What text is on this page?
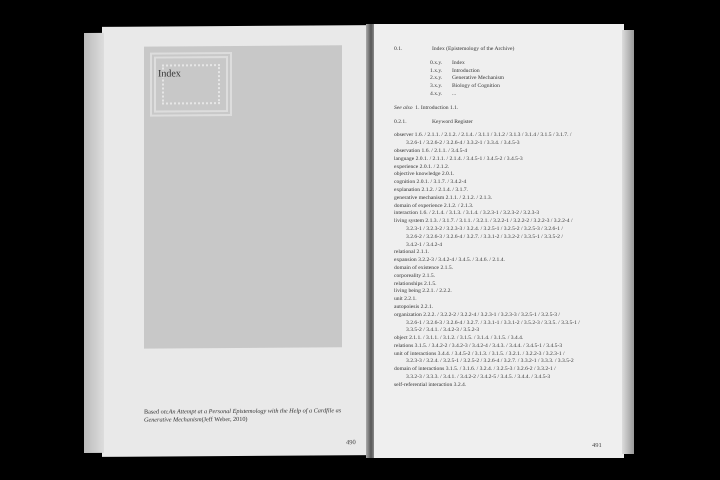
Index
Based on:An Attempt at a Personal Epistemology with the Help of a Cardfile as Generative Mechanism(Jeff Weber, 2010)
490
0.1.	Index (Epistemology of the Archive)
0.x.y. Index
1.x.y. Introduction
2.x.y. Generative Mechanism
3.x.y. Biology of Cognition
4.x.y. ...
See also 1. Introduction 1.1.
0.2.1.	Keyword Register
observer 1.6. / 2.1.1. / 2.1.2. / 2.1.4. / 3.1.1 / 3.1.2 / 3.1.3 / 3.1.4 / 3.1.5 / 3.1.7. /
3.2.6-1 / 3.2.6-2 / 3.2.6-4 / 3.3.2-1 / 3.3.4. / 3.4.5-3
observation 1.6. / 2.1.1. / 3.4.5-4
language 2.0.1. / 2.1.1. / 2.1.4. / 3.4.5-1 / 3.4.5-2 / 3.4.5-3
experience 2.0.1. / 2.1.2.
objective knowledge 2.0.1.
cognition 2.0.1. / 3.1.7. / 3.4.2-4
explanation 2.1.2. / 2.1.4. / 3.1.7.
generative mechanism 2.1.1. / 2.1.2. / 2.1.3.
domain of experience 2.1.2. / 2.1.3.
interaction 1.6. / 2.1.4. / 3.1.3. / 3.1.4. / 3.2.3-1 / 3.2.3-2 / 3.2.3-3
living system 2.1.3. / 3.1.7. / 3.1.1. / 3.2.1. / 3.2.2-1 / 3.2.2-2 / 3.2.2-3 / 3.2.2-4 /
3.2.3-1 / 3.2.3-2 / 3.2.3-3 / 3.2.4. / 3.2.5-1 / 3.2.5-2 / 3.2.5-3 / 3.2.6-1 /
3.2.6-2 / 3.2.6-3 / 3.2.6-4 / 3.2.7. / 3.3.1-2 / 3.3.2-2 / 3.3.5-1 / 3.3.5-2 /
3.4.2-1 / 3.4.2-4
relational 2.1.1.
expansion 3.2.2-3 / 3.4.2-4 / 3.4.5. / 3.4.6. / 2.1.4.
domain of existence 2.1.5.
corporeality 2.1.5.
relationships 2.1.5.
living being 2.2.1. / 2.2.2.
unit 2.2.1.
autopoiesis 2.2.1.
organization 2.2.2. / 3.2.2-2 / 3.2.2-4 / 3.2.3-1 / 3.2.3-3 / 3.2.5-1 / 3.2.5-3 /
3.2.6-1 / 3.2.6-3 / 3.2.6-4 / 3.2.7. / 3.3.1-1 / 3.3.1-2 / 3.5.2-3 / 3.3.5. / 3.3.5-1 /
3.3.5-2 / 3.4.1. / 3.4.2-3 / 3.5.2-3
object 2.1.1. / 3.1.1. / 3.1.2. / 3.1.5. / 3.1.4. / 3.1.5. / 3.4.4.
relations 3.1.5. / 3.4.2-2 / 3.4.2-3 / 3.4.2-4 / 3.4.3. / 3.4.4. / 3.4.5-1 / 3.4.5-3
unit of interactions 3.4.4. / 3.4.5-2 / 3.1.3. / 3.1.5. / 3.2.1. / 3.2.2-3 / 3.2.3-1 /
3.2.3-3 / 3.2.4. / 3.2.5-1 / 3.2.5-2 / 3.2.6-4 / 3.2.7. / 3.3.2-1 / 3.3.3. / 3.3.5-2
domain of interactions 3.1.5. / 3.1.6. / 3.2.4. / 3.2.5-3 / 3.2.6-2 / 3.3.2-1 /
3.3.2-3 / 3.3.3. / 3.4.1. / 3.4.2-2 / 3.4.2-5 / 3.4.5. / 3.4.4. / 3.4.5-3
self-referential interaction 3.2.4.
491
